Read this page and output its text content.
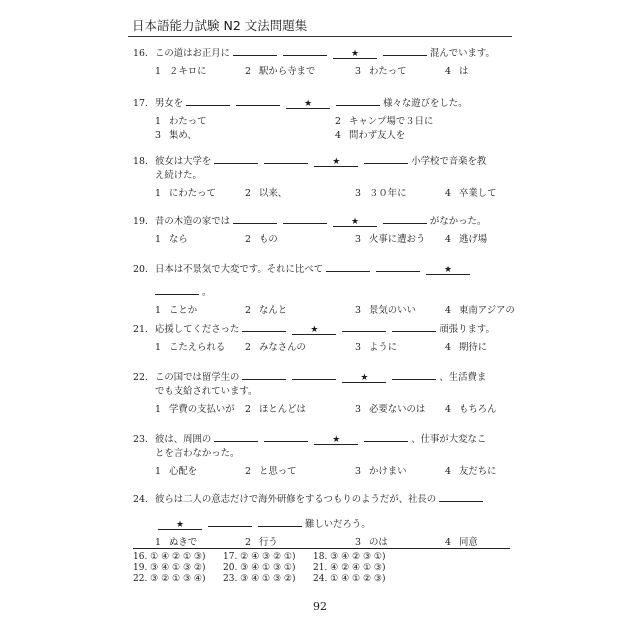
日本語能力試験 N2 文法問題集
16. この道はお正月に	★	混んでいます。
1 ２キロに	2 駅から寺まで	3 わたって	4 は
17. 男女を	★	様々な遊びをした。
1 わたって	2 キャンプ場で３日に
3 集め、	4 問わず友人を
18. 彼女は大学を	★	小学校で音楽を教
え続けた。
1 にわたって	2 以来、	3 ３０年に	4 卒業して
19. 昔の木造の家では	★	がなかった。
1 なら	2 もの	3 火事に遭おう 4 逃げ場
20. 日本は不景気で大変です。それに比べて	★
。
1 ことか	2 なんと	3 景気のいい	4 東南アジアの
21. 応援してくださった	★	頑張ります。
1 こたえられる 2 みなさんの	3 ように	4 期待に
22. この国では留学生の	★	、生活費ま
でも支給されています。
1 学費の支払いが 2 ほとんどは	3 必要ないのは 4 もちろん
23. 彼は、周囲の	★	、仕事が大変なこ
とを言わなかった。
1 心配を	2 と思って	3 かけまい	4 友だちに
24. 彼らは二人の意志だけで海外研修をするつもりのようだが、社長の
★	難しいだろう。
1 ぬきで	2 行う	3 のは	4 同意
16. ① ④ ② ① ③) 17. ② ④ ③ ② ①) 18. ③ ④ ② ③ ①)
19. ③ ④ ① ③ ②) 20. ③ ④ ① ③ ①) 21. ④ ② ④ ① ③)
22. ③ ② ① ③ ④) 23. ③ ④ ① ③ ②) 24. ① ④ ① ② ③)
92
